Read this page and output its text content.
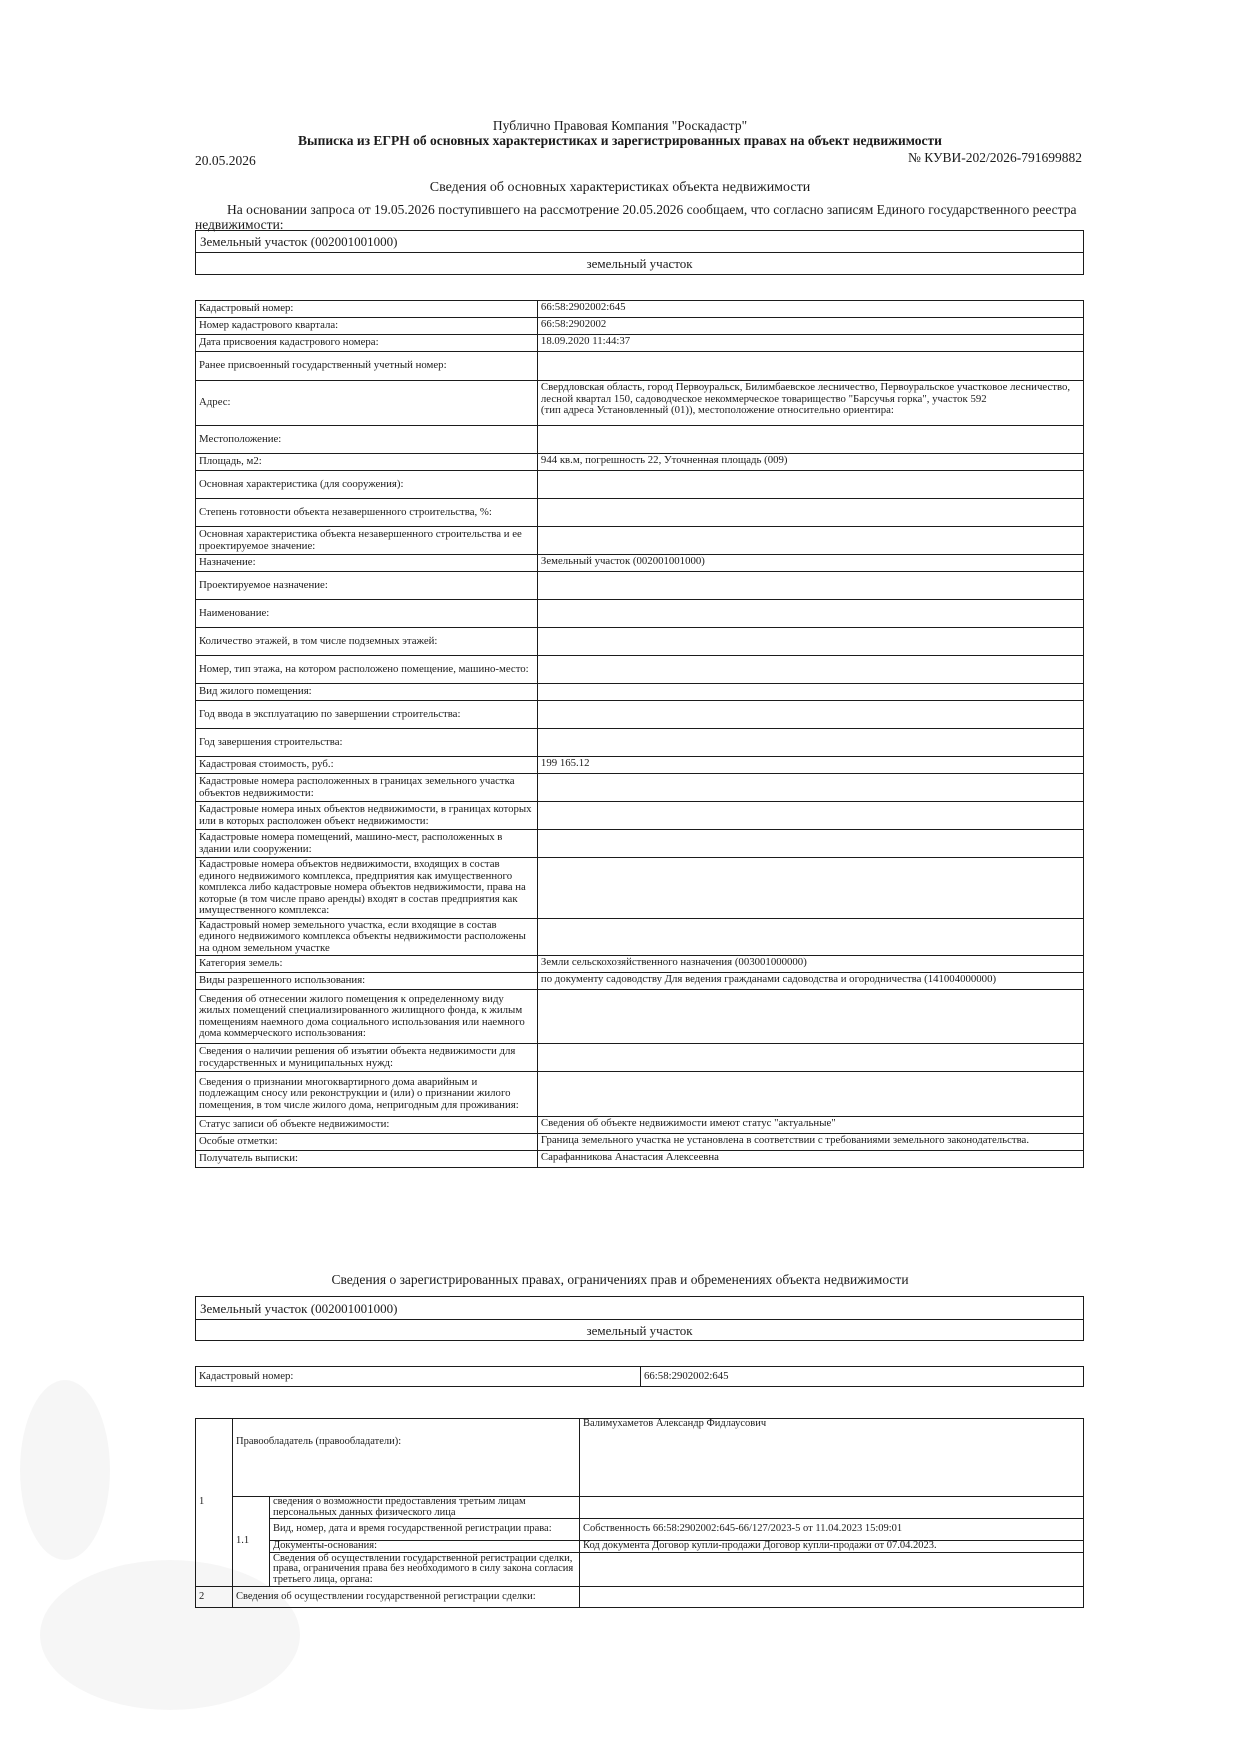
Публично Правовая Компания "Роскадастр"
Выписка из ЕГРН об основных характеристиках и зарегистрированных правах на объект недвижимости
20.05.2026	№ КУВИ-202/2026-791699882
Сведения об основных характеристиках объекта недвижимости
На основании запроса от 19.05.2026 поступившего на рассмотрение 20.05.2026 сообщаем, что согласно записям Единого государственного реестра недвижимости:
Земельный участок (002001001000)
земельный участок
Кадастровый номер:	66:58:2902002:645
Номер кадастрового квартала:	66:58:2902002
Дата присвоения кадастрового номера:	18.09.2020 11:44:37
Ранее присвоенный государственный учетный номер:	
Адрес:	Свердловская область, город Первоуральск, Билимбаевское лесничество, Первоуральское участковое лесничество, лесной квартал 150, садоводческое некоммерческое товарищество "Барсучья горка", участок 592
(тип адреса Установленный (01)), местоположение относительно ориентира:
Местоположение:	
Площадь, м2:	944 кв.м, погрешность 22, Уточненная площадь (009)
Основная характеристика (для сооружения):	
Степень готовности объекта незавершенного строительства, %:	
Основная характеристика объекта незавершенного строительства и ее проектируемое значение:	
Назначение:	Земельный участок (002001001000)
Проектируемое назначение:	
Наименование:	
Количество этажей, в том числе подземных этажей:	
Номер, тип этажа, на котором расположено помещение, машино-место:	
Вид жилого помещения:	
Год ввода в эксплуатацию по завершении строительства:	
Год завершения строительства:	
Кадастровая стоимость, руб.:	199 165.12
Кадастровые номера расположенных в границах земельного участка объектов недвижимости:	
Кадастровые номера иных объектов недвижимости, в границах которых или в которых расположен объект недвижимости:	
Кадастровые номера помещений, машино-мест, расположенных в здании или сооружении:	
Кадастровые номера объектов недвижимости, входящих в состав единого недвижимого комплекса, предприятия как имущественного комплекса либо кадастровые номера объектов недвижимости, права на которые (в том числе право аренды) входят в состав предприятия как имущественного комплекса:	
Кадастровый номер земельного участка, если входящие в состав единого недвижимого комплекса объекты недвижимости расположены на одном земельном участке	
Категория земель:	Земли сельскохозяйственного назначения (003001000000)
Виды разрешенного использования:	по документу садоводству Для ведения гражданами садоводства и огородничества (141004000000)
Сведения об отнесении жилого помещения к определенному виду жилых помещений специализированного жилищного фонда, к жилым помещениям наемного дома социального использования или наемного дома коммерческого использования:	
Сведения о наличии решения об изъятии объекта недвижимости для государственных и муниципальных нужд:	
Сведения о признании многоквартирного дома аварийным и подлежащим сносу или реконструкции и (или) о признании жилого помещения, в том числе жилого дома, непригодным для проживания:	
Статус записи об объекте недвижимости:	Сведения об объекте недвижимости имеют статус "актуальные"
Особые отметки:	Граница земельного участка не установлена в соответствии с требованиями земельного законодательства.
Получатель выписки:	Сарафанникова Анастасия Алексеевна
Сведения о зарегистрированных правах, ограничениях прав и обременениях объекта недвижимости
Земельный участок (002001001000)
земельный участок
Кадастровый номер:	66:58:2902002:645
1	Правообладатель (правообладатели):		Валимухаметов Александр Фидлаусович
	1.1	сведения о возможности предоставления третьим лицам персональных данных физического лица	
		Вид, номер, дата и время государственной регистрации права:	Собственность 66:58:2902002:645-66/127/2023-5 от 11.04.2023 15:09:01
		Документы-основания:	Код документа Договор купли-продажи Договор купли-продажи от 07.04.2023.
		Сведения об осуществлении государственной регистрации сделки, права, ограничения права без необходимого в силу закона согласия третьего лица, органа:	
2	Сведения об осуществлении государственной регистрации сделки:		
